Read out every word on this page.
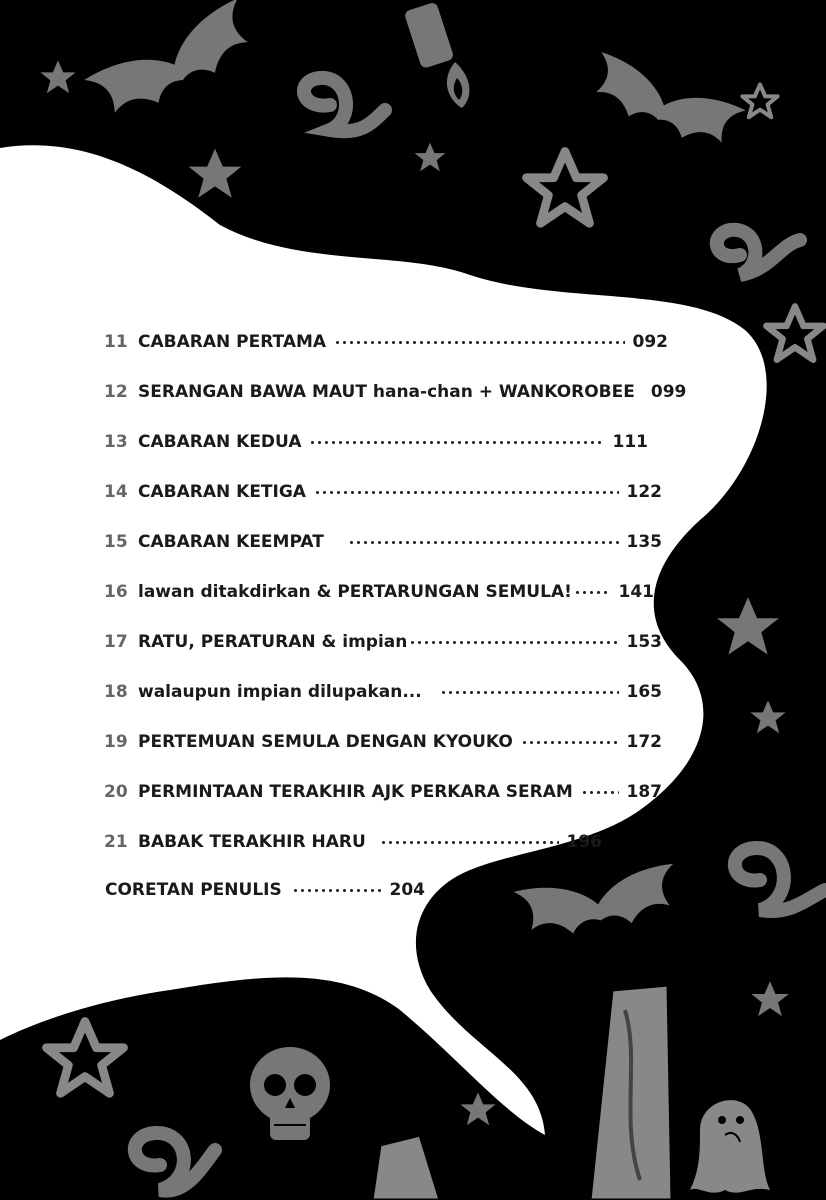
11 CABARAN PERTAMA	092
12 SERANGAN BAWA MAUT hana-chan + WANKOROBEE 099
13 CABARAN KEDUA	111
14 CABARAN KETIGA	122
15 CABARAN KEEMPAT	135
16 lawan ditakdirkan & PERTARUNGAN SEMULA!	141
17 RATU, PERATURAN & impian	153
18 walaupun impian dilupakan...	165
19 PERTEMUAN SEMULA DENGAN KYOUKO	172
20 PERMINTAAN TERAKHIR AJK PERKARA SERAM	187
21 BABAK TERAKHIR HARU	196
CORETAN PENULIS	204
